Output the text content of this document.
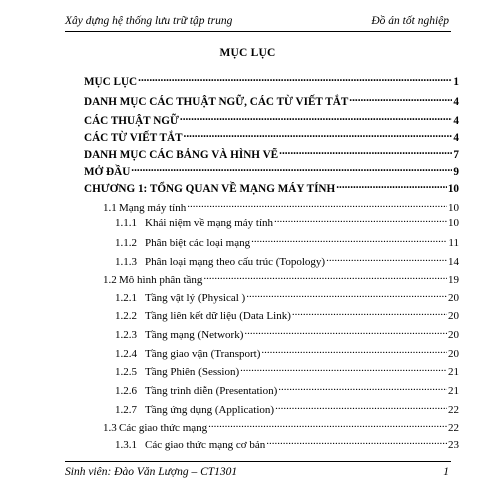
Xây dựng hệ thống lưu trữ tập trung	Đồ án tốt nghiệp
MỤC LỤC
MỤC LỤC .....	1
DANH MỤC CÁC THUẬT NGỮ, CÁC TỪ VIẾT TẮT .....	4
CÁC THUẬT NGỮ .....	4
CÁC TỪ VIẾT TẮT .....	4
DANH MỤC CÁC BẢNG VÀ HÌNH VẼ .....	7
MỞ ĐẦU .....	9
CHƯƠNG 1: TỔNG QUAN VỀ MẠNG MÁY TÍNH .....	10
1.1 Mạng máy tính .....	10
1.1.1 Khái niệm về mạng máy tính .....	10
1.1.2 Phân biệt các loại mạng .....	11
1.1.3 Phân loại mạng theo cấu trúc (Topology) .....	14
1.2 Mô hình phân tầng .....	19
1.2.1 Tầng vật lý (Physical ) .....	20
1.2.2 Tầng liên kết dữ liệu (Data Link) .....	20
1.2.3 Tầng mạng (Network) .....	20
1.2.4 Tầng giao vận (Transport) .....	20
1.2.5 Tầng Phiên (Session) .....	21
1.2.6 Tầng trình diễn (Presentation) .....	21
1.2.7 Tầng ứng dụng (Application) .....	22
1.3 Các giao thức mạng .....	22
1.3.1 Các giao thức mạng cơ bản .....	23
Sinh viên: Đào Văn Lượng – CT1301	1
